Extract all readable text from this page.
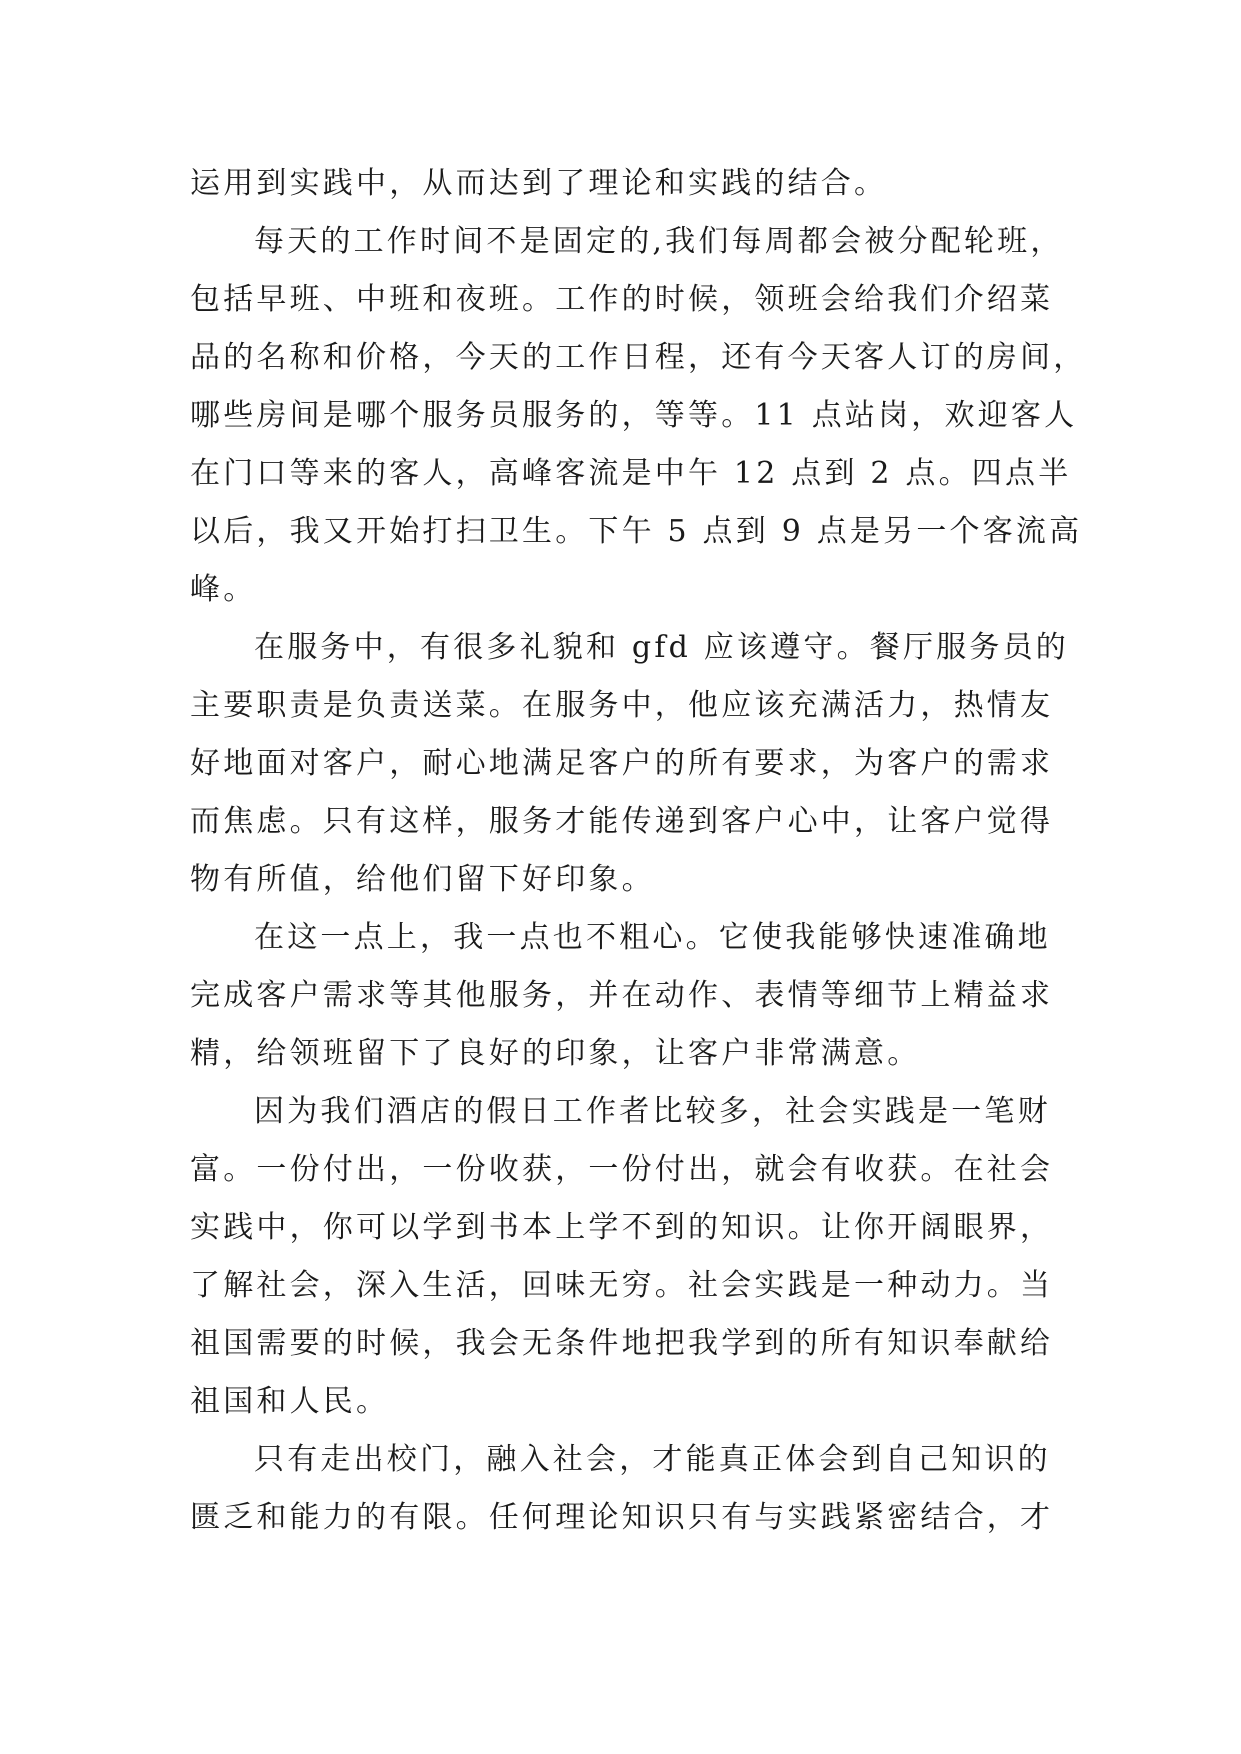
运用到实践中，从而达到了理论和实践的结合。
每天的工作时间不是固定的,我们每周都会被分配轮班，
包括早班、中班和夜班。工作的时候，领班会给我们介绍菜
品的名称和价格，今天的工作日程，还有今天客人订的房间，
哪些房间是哪个服务员服务的，等等。11 点站岗，欢迎客人
在门口等来的客人，高峰客流是中午 12 点到 2 点。四点半
以后，我又开始打扫卫生。下午 5 点到 9 点是另一个客流高
峰。
在服务中，有很多礼貌和 gfd 应该遵守。餐厅服务员的
主要职责是负责送菜。在服务中，他应该充满活力，热情友
好地面对客户，耐心地满足客户的所有要求，为客户的需求
而焦虑。只有这样，服务才能传递到客户心中，让客户觉得
物有所值，给他们留下好印象。
在这一点上，我一点也不粗心。它使我能够快速准确地
完成客户需求等其他服务，并在动作、表情等细节上精益求
精，给领班留下了良好的印象，让客户非常满意。
因为我们酒店的假日工作者比较多，社会实践是一笔财
富。一份付出，一份收获，一份付出，就会有收获。在社会
实践中，你可以学到书本上学不到的知识。让你开阔眼界，
了解社会，深入生活，回味无穷。社会实践是一种动力。当
祖国需要的时候，我会无条件地把我学到的所有知识奉献给
祖国和人民。
只有走出校门，融入社会，才能真正体会到自己知识的
匮乏和能力的有限。任何理论知识只有与实践紧密结合，才
